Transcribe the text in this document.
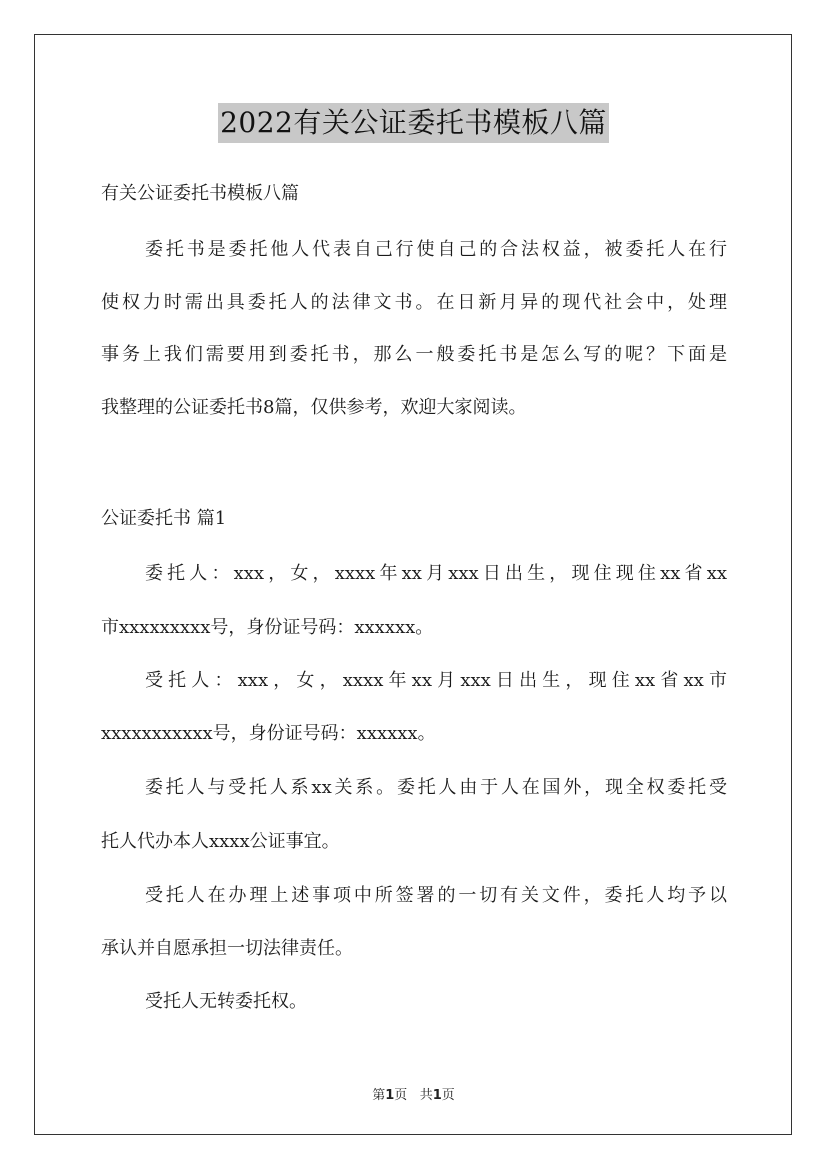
2022有关公证委托书模板八篇
有关公证委托书模板八篇
委托书是委托他人代表自己行使自己的合法权益，被委托人在行
使权力时需出具委托人的法律文书。在日新月异的现代社会中，处理
事务上我们需要用到委托书，那么一般委托书是怎么写的呢？下面是
我整理的公证委托书8篇，仅供参考，欢迎大家阅读。
公证委托书 篇1
委托人：xxx，女，xxxx年xx月xxx日出生，现住现住xx省xx
市xxxxxxxxx号，身份证号码：xxxxxx。
受托人：xxx，女，xxxx年xx月xxx日出生，现住xx省xx市
xxxxxxxxxxx号，身份证号码：xxxxxx。
委托人与受托人系xx关系。委托人由于人在国外，现全权委托受
托人代办本人xxxx公证事宜。
受托人在办理上述事项中所签署的一切有关文件，委托人均予以
承认并自愿承担一切法律责任。
受托人无转委托权。
第1页 共1页
